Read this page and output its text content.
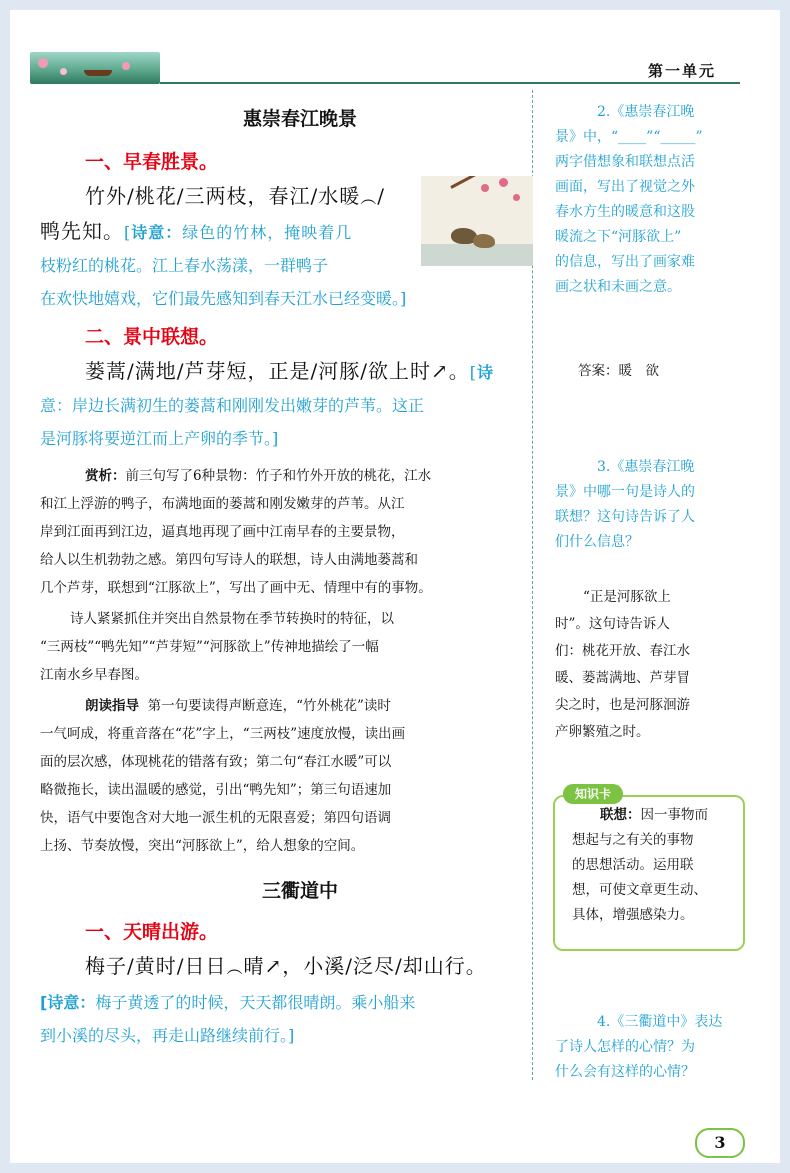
第一单元
惠崇春江晚景
一、早春胜景。
竹外/桃花/三两枝，春江/水暖︵/
鸭先知。[诗意：绿色的竹林，掩映着几
枝粉红的桃花。江上春水荡漾，一群鸭子
在欢快地嬉戏，它们最先感知到春天江水已经变暖。]
二、景中联想。
蒌蒿/满地/芦芽短，正是/河豚/欲上时↗。[诗
意：岸边长满初生的蒌蒿和刚刚发出嫩芽的芦苇。这正
是河豚将要逆江而上产卵的季节。]
赏析：前三句写了6种景物：竹子和竹外开放的桃花，江水
和江上浮游的鸭子，布满地面的蒌蒿和刚发嫩芽的芦苇。从江
岸到江面再到江边，逼真地再现了画中江南早春的主要景物，
给人以生机勃勃之感。第四句写诗人的联想，诗人由满地蒌蒿和
几个芦芽，联想到“江豚欲上”，写出了画中无、情理中有的事物。
诗人紧紧抓住并突出自然景物在季节转换时的特征，以
“三两枝”“鸭先知”“芦芽短”“河豚欲上”传神地描绘了一幅
江南水乡早春图。
朗读指导 第一句要读得声断意连，“竹外桃花”读时
一气呵成，将重音落在“花”字上，“三两枝”速度放慢，读出画
面的层次感，体现桃花的错落有致；第二句“春江水暖”可以
略微拖长，读出温暖的感觉，引出“鸭先知”；第三句语速加
快，语气中要饱含对大地一派生机的无限喜爱；第四句语调
上扬、节奏放慢，突出“河豚欲上”，给人想象的空间。
三衢道中
一、天晴出游。
梅子/黄时/日日︵晴↗，小溪/泛尽/却山行。
[诗意：梅子黄透了的时候，天天都很晴朗。乘小船来
到小溪的尽头，再走山路继续前行。]
2.《惠崇春江晚
景》中，“____”“_____”
两字借想象和联想点活
画面，写出了视觉之外
春水方生的暖意和这股
暖流之下“河豚欲上”
的信息，写出了画家难
画之状和未画之意。
答案：暖　欲
3.《惠崇春江晚
景》中哪一句是诗人的
联想？这句诗告诉了人
们什么信息？
“正是河豚欲上
时”。这句诗告诉人
们：桃花开放、春江水
暖、蒌蒿满地、芦芽冒
尖之时，也是河豚洄游
产卵繁殖之时。
知识卡
联想：因一事物而
想起与之有关的事物
的思想活动。运用联
想，可使文章更生动、
具体，增强感染力。
4.《三衢道中》表达
了诗人怎样的心情？为
什么会有这样的心情？
3
